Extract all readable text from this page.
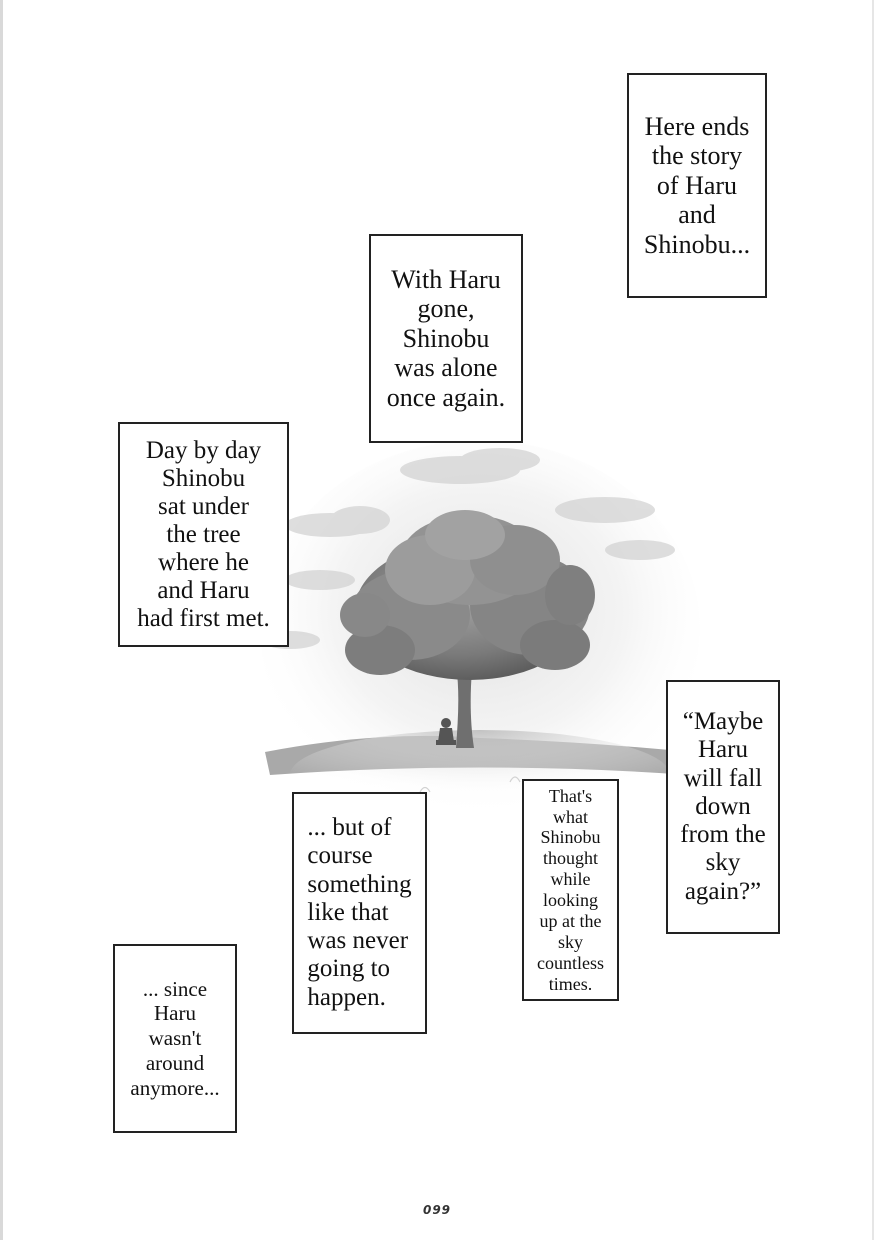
Here ends
the story
of Haru
and
Shinobu...
With Haru
gone,
Shinobu
was alone
once again.
Day by day
Shinobu
sat under
the tree
where he
and Haru
had first met.
“Maybe
Haru
will fall
down
from the
sky
again?”
That's
what
Shinobu
thought
while
looking
up at the
sky
countless
times.
... but of
course
something
like that
was never
going to
happen.
... since
Haru
wasn't
around
anymore...
099
